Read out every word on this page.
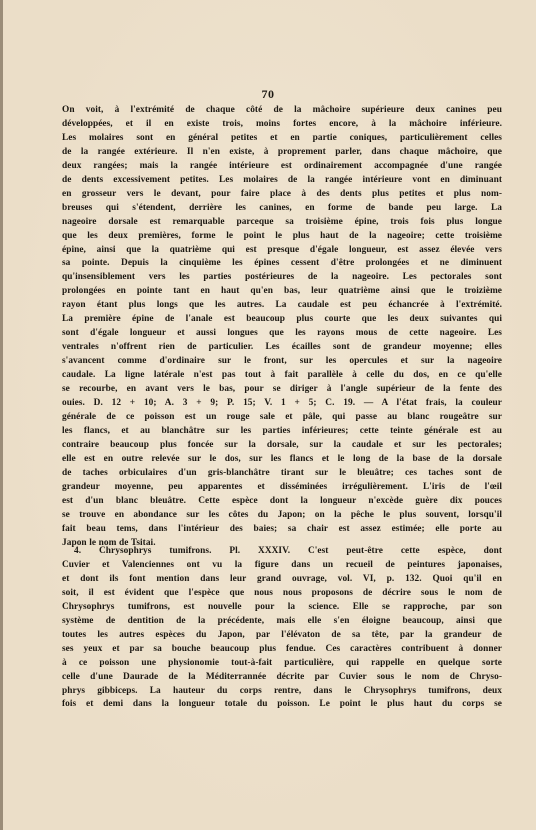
70
On voit, à l'extrémité de chaque côté de la mâchoire supérieure deux canines peu
développées, et il en existe trois, moins fortes encore, à la mâchoire inférieure.
Les molaires sont en général petites et en partie coniques, particulièrement celles
de la rangée extérieure. Il n'en existe, à proprement parler, dans chaque mâchoire, que
deux rangées; mais la rangée intérieure est ordinairement accompagnée d'une rangée
de dents excessivement petites. Les molaires de la rangée intérieure vont en diminuant
en grosseur vers le devant, pour faire place à des dents plus petites et plus nom-
breuses qui s'étendent, derrière les canines, en forme de bande peu large. La
nageoire dorsale est remarquable parceque sa troisième épine, trois fois plus longue
que les deux premières, forme le point le plus haut de la nageoire; cette troisième
épine, ainsi que la quatrième qui est presque d'égale longueur, est assez élevée vers
sa pointe. Depuis la cinquième les épines cessent d'être prolongées et ne diminuent
qu'insensiblement vers les parties postérieures de la nageoire. Les pectorales sont
prolongées en pointe tant en haut qu'en bas, leur quatrième ainsi que le troizième
rayon étant plus longs que les autres. La caudale est peu échancrée à l'extrémité.
La première épine de l'anale est beaucoup plus courte que les deux suivantes qui
sont d'égale longueur et aussi longues que les rayons mous de cette nageoire. Les
ventrales n'offrent rien de particulier. Les écailles sont de grandeur moyenne; elles
s'avancent comme d'ordinaire sur le front, sur les opercules et sur la nageoire
caudale. La ligne latérale n'est pas tout à fait parallèle à celle du dos, en ce qu'elle
se recourbe, en avant vers le bas, pour se diriger à l'angle supérieur de la fente des
ouies. D. 12 + 10; A. 3 + 9; P. 15; V. 1 + 5; C. 19. — A l'état frais, la couleur
générale de ce poisson est un rouge sale et pâle, qui passe au blanc rougeâtre sur
les flancs, et au blanchâtre sur les parties inférieures; cette teinte générale est au
contraire beaucoup plus foncée sur la dorsale, sur la caudale et sur les pectorales;
elle est en outre relevée sur le dos, sur les flancs et le long de la base de la dorsale
de taches orbiculaires d'un gris-blanchâtre tirant sur le bleuâtre; ces taches sont de
grandeur moyenne, peu apparentes et disséminées irrégulièrement. L'iris de l'œil
est d'un blanc bleuâtre. Cette espèce dont la longueur n'excède guère dix pouces
se trouve en abondance sur les côtes du Japon; on la pêche le plus souvent, lorsqu'il
fait beau tems, dans l'intérieur des baies; sa chair est assez estimée; elle porte au
Japon le nom de Tsitai.
4. Chrysophrys tumifrons. Pl. XXXIV. C'est peut-être cette espèce, dont
Cuvier et Valenciennes ont vu la figure dans un recueil de peintures japonaises,
et dont ils font mention dans leur grand ouvrage, vol. VI, p. 132. Quoi qu'il en
soit, il est évident que l'espèce que nous nous proposons de décrire sous le nom de
Chrysophrys tumifrons, est nouvelle pour la science. Elle se rapproche, par son
système de dentition de la précédente, mais elle s'en éloigne beaucoup, ainsi que
toutes les autres espèces du Japon, par l'élévaton de sa tête, par la grandeur de
ses yeux et par sa bouche beaucoup plus fendue. Ces caractères contribuent à donner
à ce poisson une physionomie tout-à-fait particulière, qui rappelle en quelque sorte
celle d'une Daurade de la Méditerrannée décrite par Cuvier sous le nom de Chryso-
phrys gibbiceps. La hauteur du corps rentre, dans le Chrysophrys tumifrons, deux
fois et demi dans la longueur totale du poisson. Le point le plus haut du corps se
